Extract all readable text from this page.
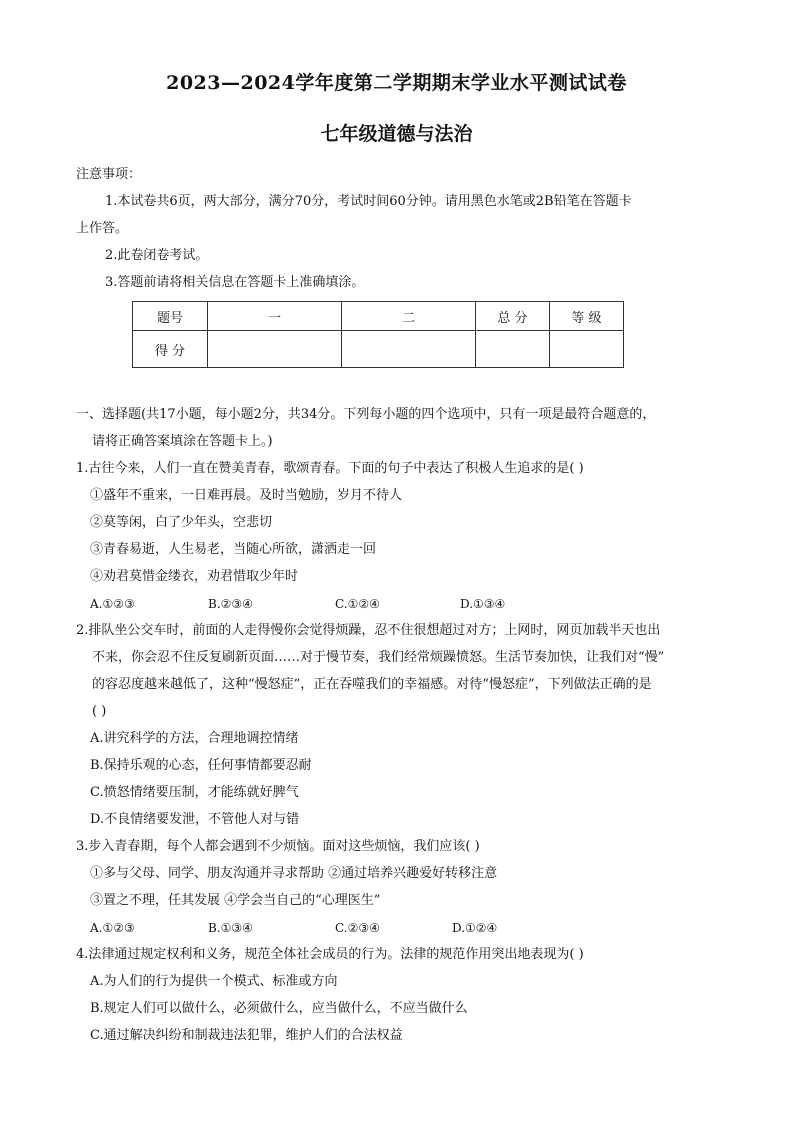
2023—2024学年度第二学期期末学业水平测试试卷
七年级道德与法治
注意事项：
1.本试卷共6页，两大部分，满分70分，考试时间60分钟。请用黑色水笔或2B铅笔在答题卡
上作答。
2.此卷闭卷考试。
3.答题前请将相关信息在答题卡上准确填涂。
题号	一	二	总 分	等 级
得 分				
一、选择题(共17小题，每小题2分，共34分。下列每小题的四个选项中，只有一项是最符合题意的，
请将正确答案填涂在答题卡上。)
1.古往今来，人们一直在赞美青春，歌颂青春。下面的句子中表达了积极人生追求的是( )
①盛年不重来，一日难再晨。及时当勉励，岁月不待人
②莫等闲，白了少年头，空悲切
③青春易逝，人生易老，当随心所欲，潇洒走一回
④劝君莫惜金缕衣，劝君惜取少年时
A.①②③	B.②③④	C.①②④	D.①③④
2.排队坐公交车时，前面的人走得慢你会觉得烦躁，忍不住很想超过对方；上网时，网页加载半天也出
不来，你会忍不住反复刷新页面……对于慢节奏，我们经常烦躁愤怒。生活节奏加快，让我们对“慢”
的容忍度越来越低了，这种“慢怒症”，正在吞噬我们的幸福感。对待“慢怒症”，下列做法正确的是
( )
A.讲究科学的方法，合理地调控情绪
B.保持乐观的心态，任何事情都要忍耐
C.愤怒情绪要压制，才能练就好脾气
D.不良情绪要发泄，不管他人对与错
3.步入青春期，每个人都会遇到不少烦恼。面对这些烦恼，我们应该( )
①多与父母、同学、朋友沟通并寻求帮助 ②通过培养兴趣爱好转移注意
③置之不理，任其发展 ④学会当自己的“心理医生”
A.①②③	B.①③④	C.②③④	D.①②④
4.法律通过规定权利和义务，规范全体社会成员的行为。法律的规范作用突出地表现为( )
A.为人们的行为提供一个模式、标准或方向
B.规定人们可以做什么，必须做什么，应当做什么，不应当做什么
C.通过解决纠纷和制裁违法犯罪，维护人们的合法权益
